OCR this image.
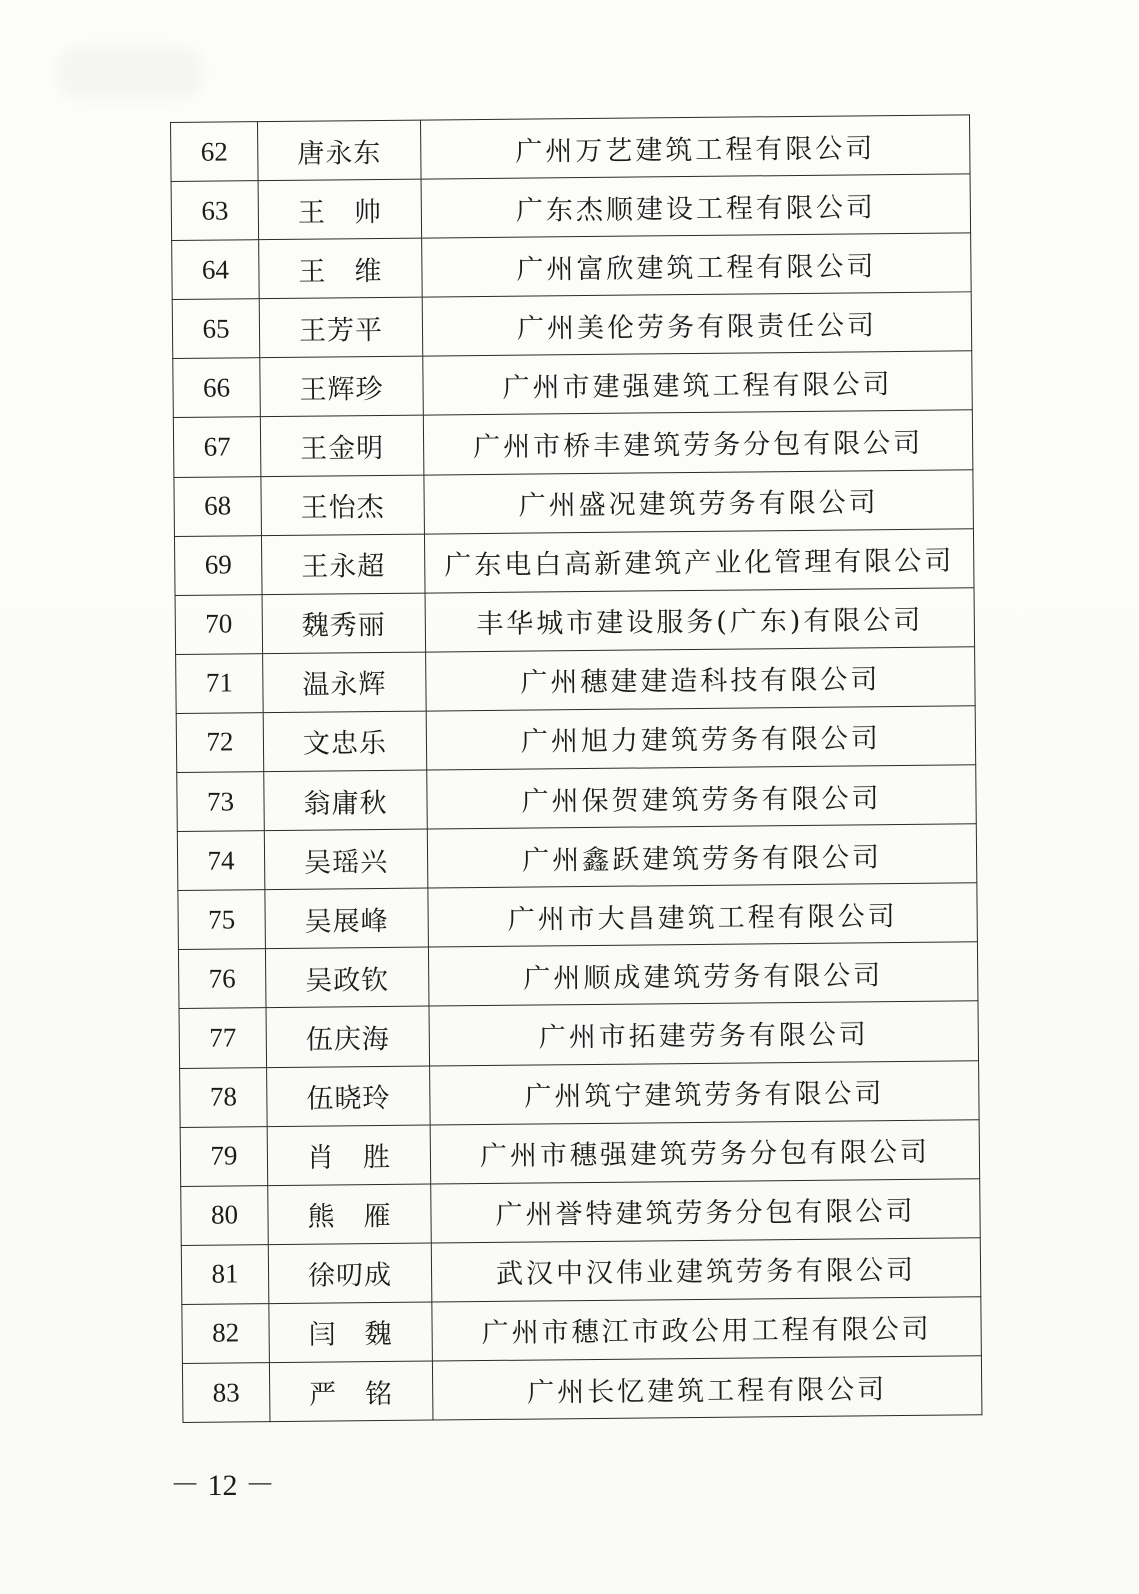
62	唐永东	广州万艺建筑工程有限公司
63	王　帅	广东杰顺建设工程有限公司
64	王　维	广州富欣建筑工程有限公司
65	王芳平	广州美伦劳务有限责任公司
66	王辉珍	广州市建强建筑工程有限公司
67	王金明	广州市桥丰建筑劳务分包有限公司
68	王怡杰	广州盛况建筑劳务有限公司
69	王永超	广东电白高新建筑产业化管理有限公司
70	魏秀丽	丰华城市建设服务(广东)有限公司
71	温永辉	广州穗建建造科技有限公司
72	文忠乐	广州旭力建筑劳务有限公司
73	翁庸秋	广州保贺建筑劳务有限公司
74	吴瑶兴	广州鑫跃建筑劳务有限公司
75	吴展峰	广州市大昌建筑工程有限公司
76	吴政钦	广州顺成建筑劳务有限公司
77	伍庆海	广州市拓建劳务有限公司
78	伍晓玲	广州筑宁建筑劳务有限公司
79	肖　胜	广州市穗强建筑劳务分包有限公司
80	熊　雁	广州誉特建筑劳务分包有限公司
81	徐叨成	武汉中汉伟业建筑劳务有限公司
82	闫　魏	广州市穗江市政公用工程有限公司
83	严　铭	广州长忆建筑工程有限公司
－ 12 －
